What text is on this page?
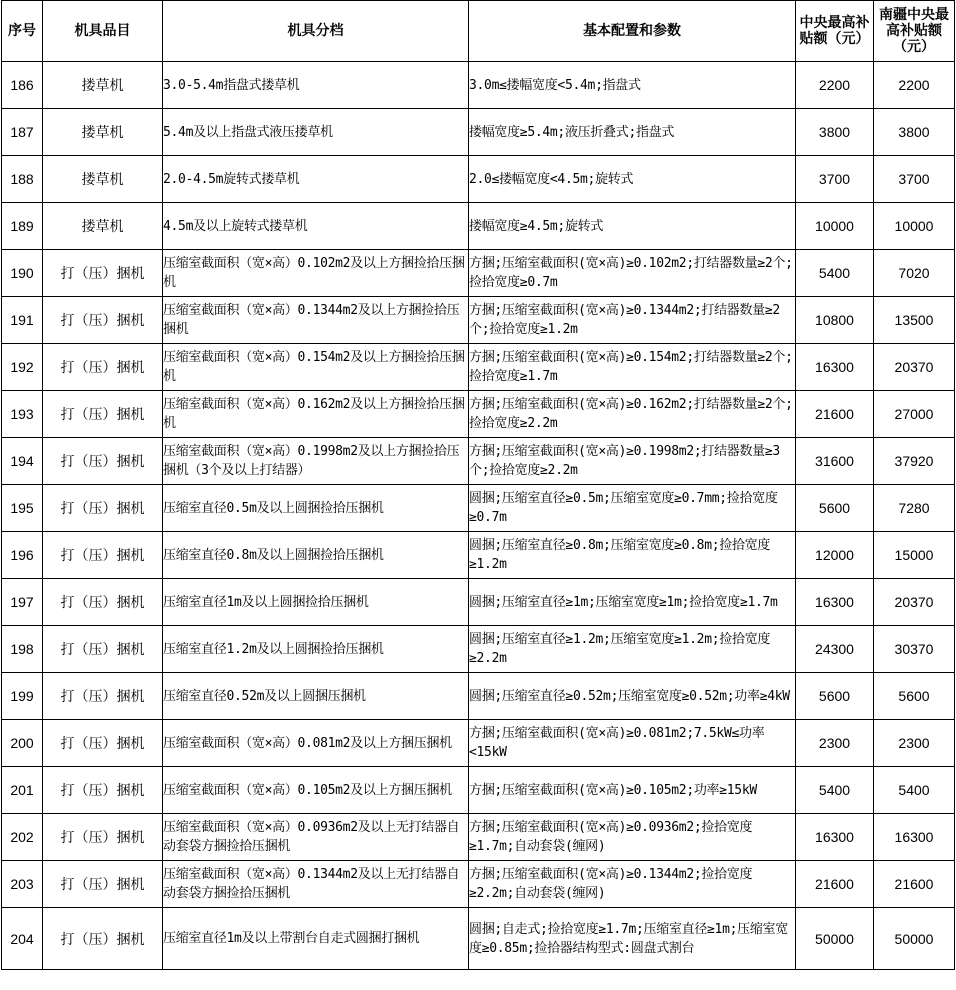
序号	机具品目	机具分档	基本配置和参数	中央最高补贴额（元）	南疆中央最高补贴额（元）
186	搂草机	3.0-5.4m指盘式搂草机	3.0m≤搂幅宽度<5.4m;指盘式	2200	2200
187	搂草机	5.4m及以上指盘式液压搂草机	搂幅宽度≥5.4m;液压折叠式;指盘式	3800	3800
188	搂草机	2.0-4.5m旋转式搂草机	2.0≤搂幅宽度<4.5m;旋转式	3700	3700
189	搂草机	4.5m及以上旋转式搂草机	搂幅宽度≥4.5m;旋转式	10000	10000
190	打（压）捆机	压缩室截面积（宽×高）0.102m2及以上方捆捡拾压捆机	方捆;压缩室截面积(宽×高)≥0.102m2;打结器数量≥2个;捡拾宽度≥0.7m	5400	7020
191	打（压）捆机	压缩室截面积（宽×高）0.1344m2及以上方捆捡拾压捆机	方捆;压缩室截面积(宽×高)≥0.1344m2;打结器数量≥2个;捡拾宽度≥1.2m	10800	13500
192	打（压）捆机	压缩室截面积（宽×高）0.154m2及以上方捆捡拾压捆机	方捆;压缩室截面积(宽×高)≥0.154m2;打结器数量≥2个;捡拾宽度≥1.7m	16300	20370
193	打（压）捆机	压缩室截面积（宽×高）0.162m2及以上方捆捡拾压捆机	方捆;压缩室截面积(宽×高)≥0.162m2;打结器数量≥2个;捡拾宽度≥2.2m	21600	27000
194	打（压）捆机	压缩室截面积（宽×高）0.1998m2及以上方捆捡拾压捆机（3个及以上打结器）	方捆;压缩室截面积(宽×高)≥0.1998m2;打结器数量≥3个;捡拾宽度≥2.2m	31600	37920
195	打（压）捆机	压缩室直径0.5m及以上圆捆捡拾压捆机	圆捆;压缩室直径≥0.5m;压缩室宽度≥0.7mm;捡拾宽度≥0.7m	5600	7280
196	打（压）捆机	压缩室直径0.8m及以上圆捆捡拾压捆机	圆捆;压缩室直径≥0.8m;压缩室宽度≥0.8m;捡拾宽度≥1.2m	12000	15000
197	打（压）捆机	压缩室直径1m及以上圆捆捡拾压捆机	圆捆;压缩室直径≥1m;压缩室宽度≥1m;捡拾宽度≥1.7m	16300	20370
198	打（压）捆机	压缩室直径1.2m及以上圆捆捡拾压捆机	圆捆;压缩室直径≥1.2m;压缩室宽度≥1.2m;捡拾宽度≥2.2m	24300	30370
199	打（压）捆机	压缩室直径0.52m及以上圆捆压捆机	圆捆;压缩室直径≥0.52m;压缩室宽度≥0.52m;功率≥4kW	5600	5600
200	打（压）捆机	压缩室截面积（宽×高）0.081m2及以上方捆压捆机	方捆;压缩室截面积(宽×高)≥0.081m2;7.5kW≤功率<15kW	2300	2300
201	打（压）捆机	压缩室截面积（宽×高）0.105m2及以上方捆压捆机	方捆;压缩室截面积(宽×高)≥0.105m2;功率≥15kW	5400	5400
202	打（压）捆机	压缩室截面积（宽×高）0.0936m2及以上无打结器自动套袋方捆捡拾压捆机	方捆;压缩室截面积(宽×高)≥0.0936m2;捡拾宽度≥1.7m;自动套袋(缠网)	16300	16300
203	打（压）捆机	压缩室截面积（宽×高）0.1344m2及以上无打结器自动套袋方捆捡拾压捆机	方捆;压缩室截面积(宽×高)≥0.1344m2;捡拾宽度≥2.2m;自动套袋(缠网)	21600	21600
204	打（压）捆机	压缩室直径1m及以上带割台自走式圆捆打捆机	圆捆;自走式;捡拾宽度≥1.7m;压缩室直径≥1m;压缩室宽度≥0.85m;捡拾器结构型式:圆盘式割台	50000	50000
